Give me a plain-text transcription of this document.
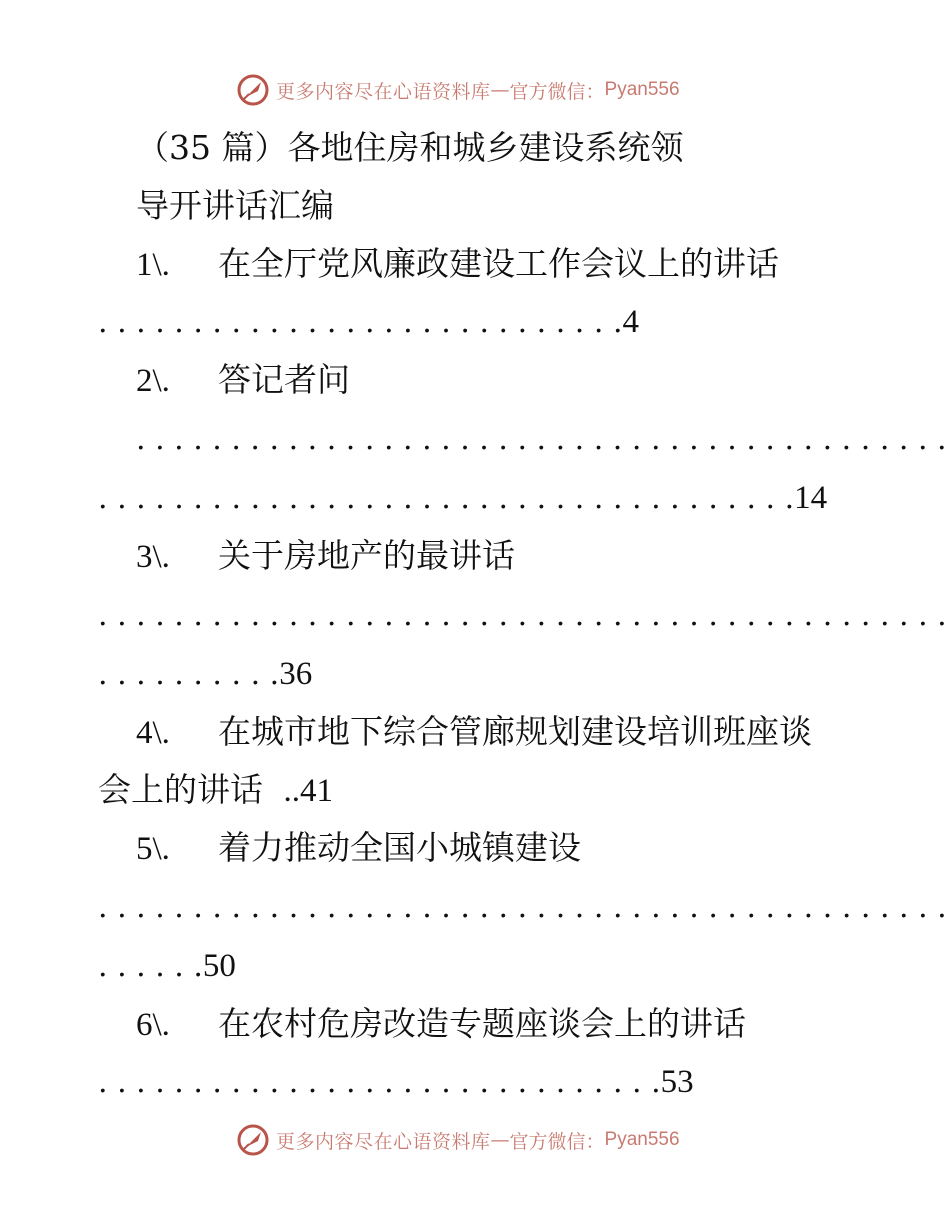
更多内容尽在心语资料库 — 官方微信： Pyan556
（35 篇）各地住房和城乡建设系统领
导开讲话汇编
1\. 在全厅党风廉政建设工作会议上的讲话
. . . . . . . . . . . . . . . . . . . . . . . . . . . .4
2\. 答记者问
. . . . . . . . . . . . . . . . . . . . . . . . . . . . . . . . . . . . . . . . . . .
. . . . . . . . . . . . . . . . . . . . . . . . . . . . . . . . . . . . .14
3\. 关于房地产的最讲话
. . . . . . . . . . . . . . . . . . . . . . . . . . . . . . . . . . . . . . . . . . . . .
. . . . . . . . . .36
4\. 在城市地下综合管廊规划建设培训班座谈
会上的讲话 ..41
5\. 着力推动全国小城镇建设
. . . . . . . . . . . . . . . . . . . . . . . . . . . . . . . . . . . . . . . . . . . . .
. . . . . .50
6\. 在农村危房改造专题座谈会上的讲话
. . . . . . . . . . . . . . . . . . . . . . . . . . . . . .53
更多内容尽在心语资料库 — 官方微信： Pyan556
